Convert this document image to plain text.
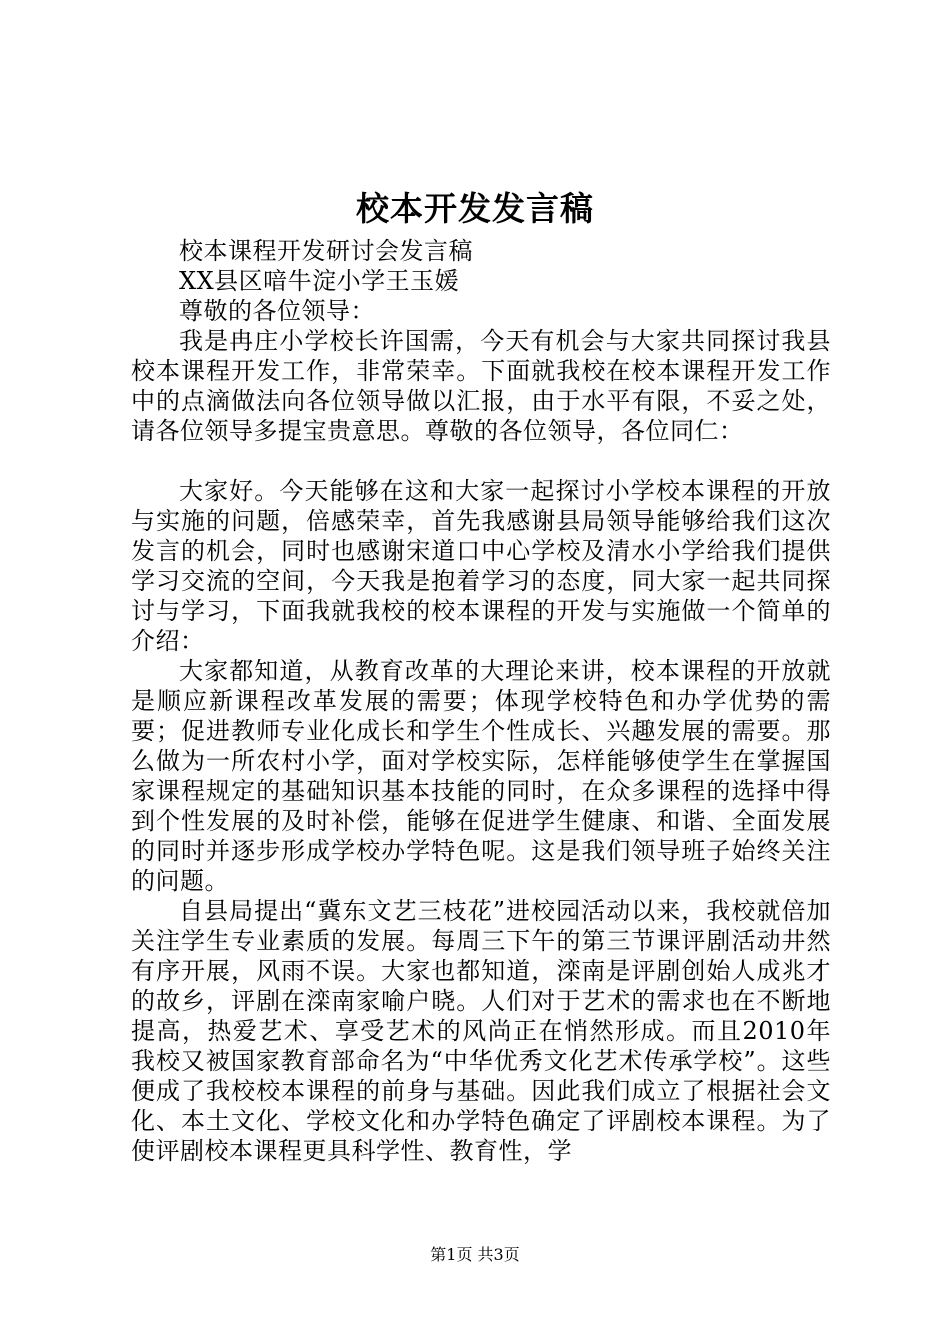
校本开发发言稿

校本课程开发研讨会发言稿

XX县区喑牛淀小学王玉媛

尊敬的各位领导：

我是冉庄小学校长许国需，今天有机会与大家共同探讨我县校本课程开发工作，非常荣幸。下面就我校在校本课程开发工作中的点滴做法向各位领导做以汇报，由于水平有限，不妥之处，请各位领导多提宝贵意思。尊敬的各位领导，各位同仁：

大家好。今天能够在这和大家一起探讨小学校本课程的开放与实施的问题，倍感荣幸，首先我感谢县局领导能够给我们这次发言的机会，同时也感谢宋道口中心学校及清水小学给我们提供学习交流的空间，今天我是抱着学习的态度，同大家一起共同探讨与学习，下面我就我校的校本课程的开发与实施做一个简单的介绍：

大家都知道，从教育改革的大理论来讲，校本课程的开放就是顺应新课程改革发展的需要；体现学校特色和办学优势的需要；促进教师专业化成长和学生个性成长、兴趣发展的需要。那么做为一所农村小学，面对学校实际，怎样能够使学生在掌握国家课程规定的基础知识基本技能的同时，在众多课程的选择中得到个性发展的及时补偿，能够在促进学生健康、和谐、全面发展的同时并逐步形成学校办学特色呢。这是我们领导班子始终关注的问题。

自县局提出“冀东文艺三枝花”进校园活动以来，我校就倍加关注学生专业素质的发展。每周三下午的第三节课评剧活动井然有序开展，风雨不误。大家也都知道，滦南是评剧创始人成兆才的故乡，评剧在滦南家喻户晓。人们对于艺术的需求也在不断地提高，热爱艺术、享受艺术的风尚正在悄然形成。而且2010年我校又被国家教育部命名为“中华优秀文化艺术传承学校”。这些便成了我校校本课程的前身与基础。因此我们成立了根据社会文化、本土文化、学校文化和办学特色确定了评剧校本课程。为了使评剧校本课程更具科学性、教育性，学

第1页 共3页
